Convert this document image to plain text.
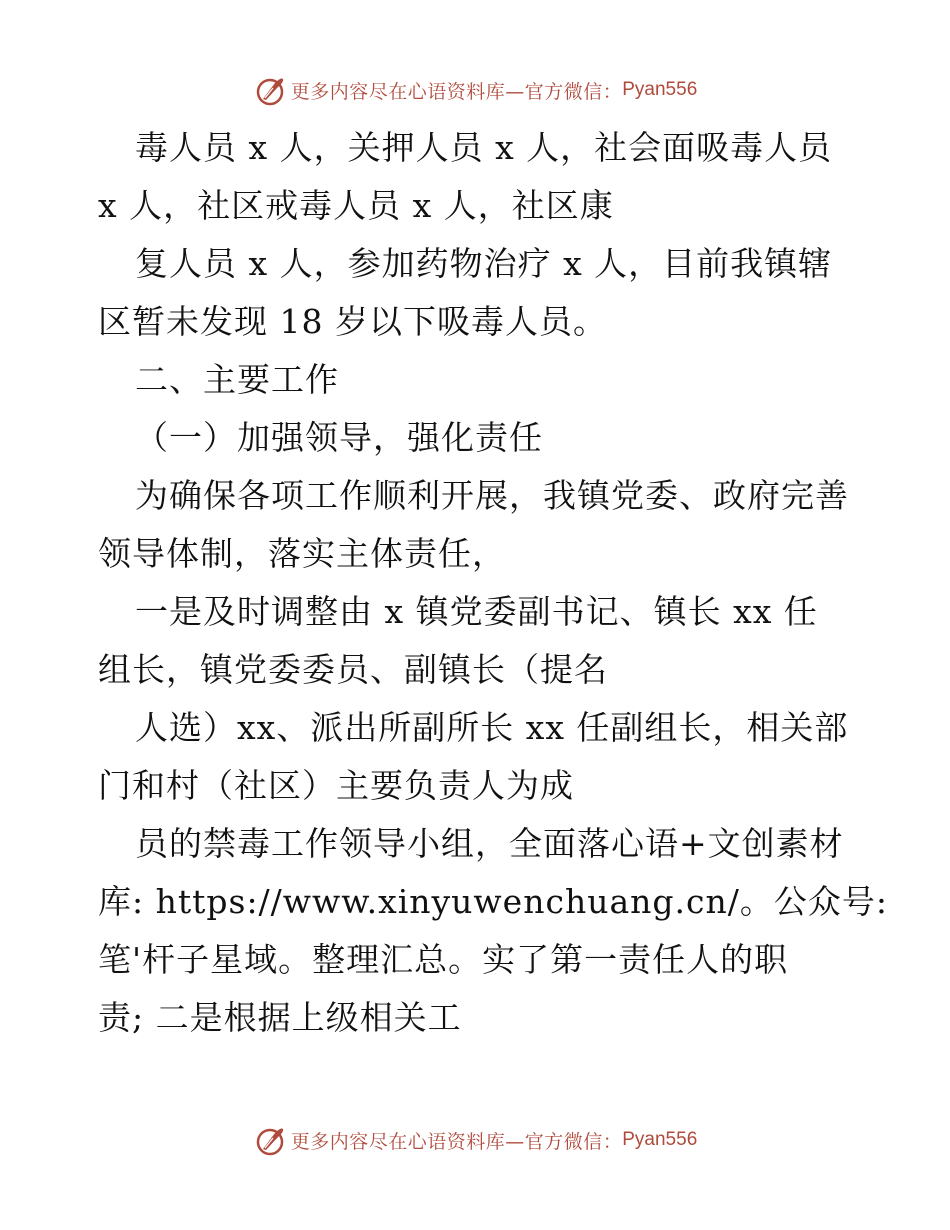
更多内容尽在心语资料库—官方微信： Pyan556
毒人员 x 人，关押人员 x 人，社会面吸毒人员
x 人，社区戒毒人员 x 人，社区康
复人员 x 人，参加药物治疗 x 人，目前我镇辖
区暂未发现 18 岁以下吸毒人员。
二、主要工作
（一）加强领导，强化责任
为确保各项工作顺利开展，我镇党委、政府完善
领导体制，落实主体责任，
一是及时调整由 x 镇党委副书记、镇长 xx 任
组长，镇党委委员、副镇长（提名
人选）xx、派出所副所长 xx 任副组长，相关部
门和村（社区）主要负责人为成
员的禁毒工作领导小组，全面落心语+文创素材
库: https://www.xinyuwenchuang.cn/。公众号:
笔'杆子星域。整理汇总。实了第一责任人的职
责; 二是根据上级相关工
更多内容尽在心语资料库—官方微信： Pyan556
